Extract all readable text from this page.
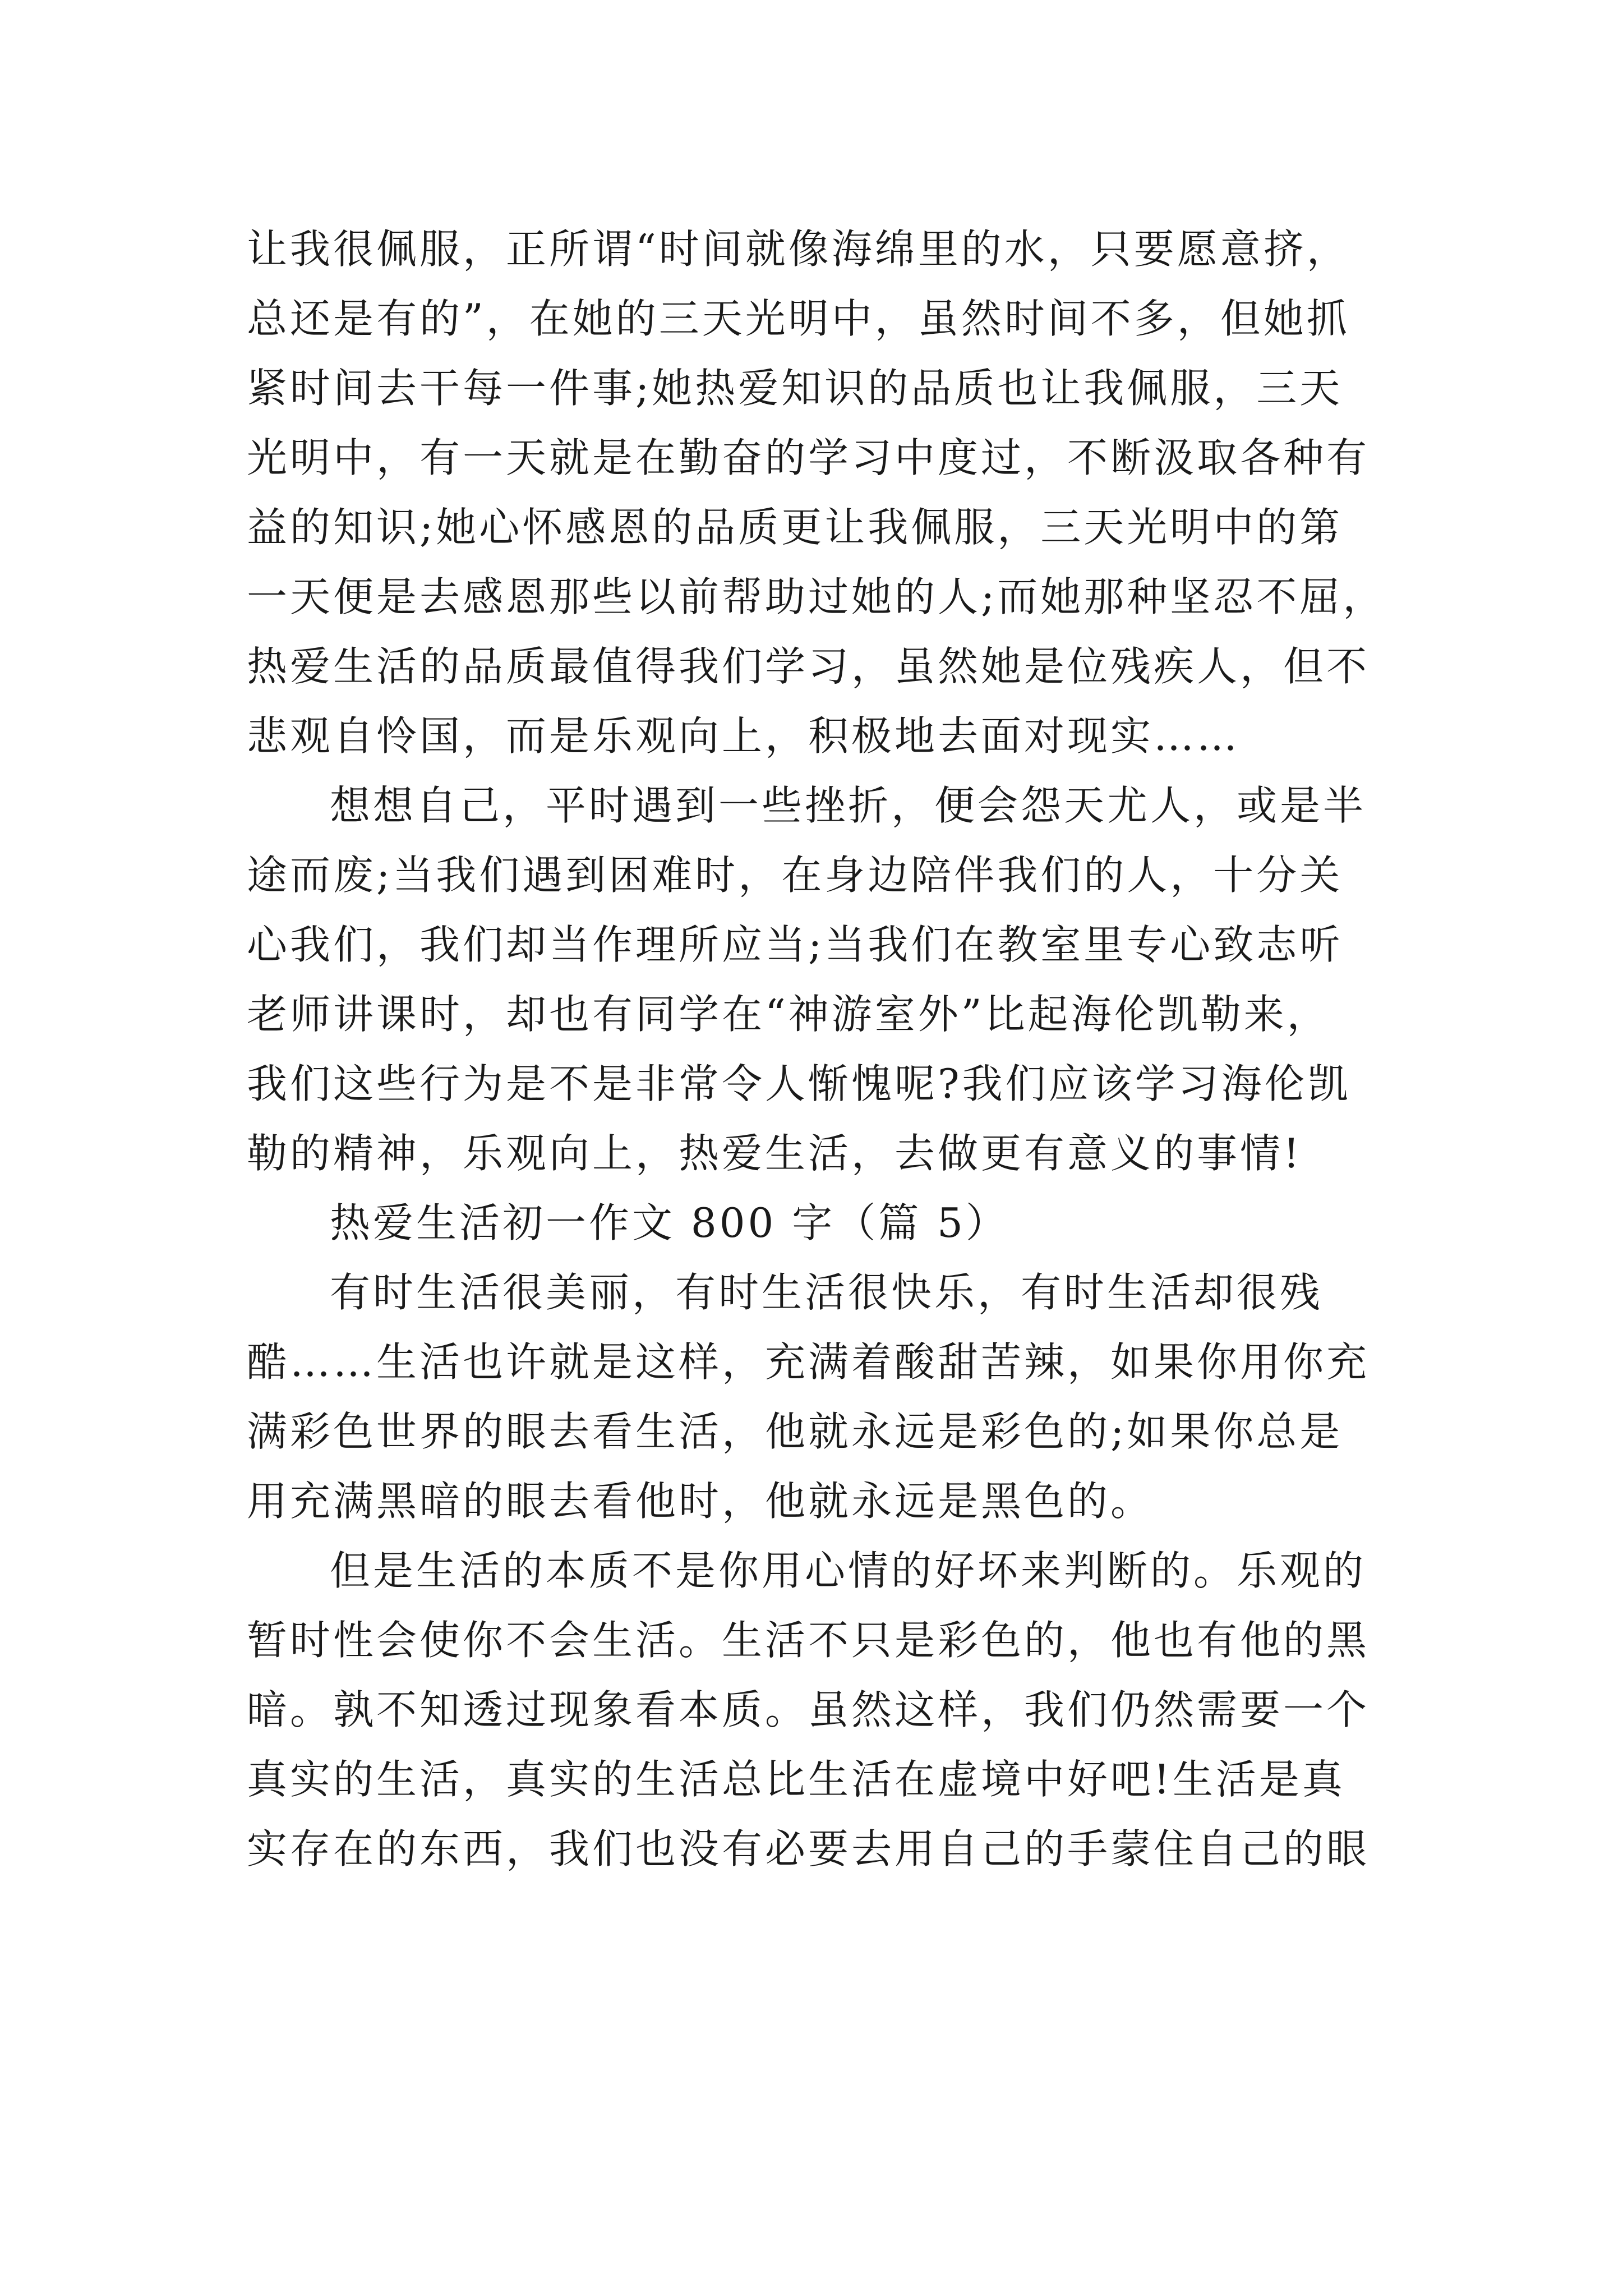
让我很佩服，正所谓“时间就像海绵里的水，只要愿意挤，
总还是有的”，在她的三天光明中，虽然时间不多，但她抓
紧时间去干每一件事;她热爱知识的品质也让我佩服，三天
光明中，有一天就是在勤奋的学习中度过，不断汲取各种有
益的知识;她心怀感恩的品质更让我佩服，三天光明中的第
一天便是去感恩那些以前帮助过她的人;而她那种坚忍不屈，
热爱生活的品质最值得我们学习，虽然她是位残疾人，但不
悲观自怜国，而是乐观向上，积极地去面对现实……
想想自己，平时遇到一些挫折，便会怨天尤人，或是半
途而废;当我们遇到困难时，在身边陪伴我们的人，十分关
心我们，我们却当作理所应当;当我们在教室里专心致志听
老师讲课时，却也有同学在“神游室外”比起海伦凯勒来，
我们这些行为是不是非常令人惭愧呢?我们应该学习海伦凯
勒的精神，乐观向上，热爱生活，去做更有意义的事情!
热爱生活初一作文 800 字（篇 5）
有时生活很美丽，有时生活很快乐，有时生活却很残
酷……生活也许就是这样，充满着酸甜苦辣，如果你用你充
满彩色世界的眼去看生活，他就永远是彩色的;如果你总是
用充满黑暗的眼去看他时，他就永远是黑色的。
但是生活的本质不是你用心情的好坏来判断的。乐观的
暂时性会使你不会生活。生活不只是彩色的，他也有他的黑
暗。孰不知透过现象看本质。虽然这样，我们仍然需要一个
真实的生活，真实的生活总比生活在虚境中好吧!生活是真
实存在的东西，我们也没有必要去用自己的手蒙住自己的眼
